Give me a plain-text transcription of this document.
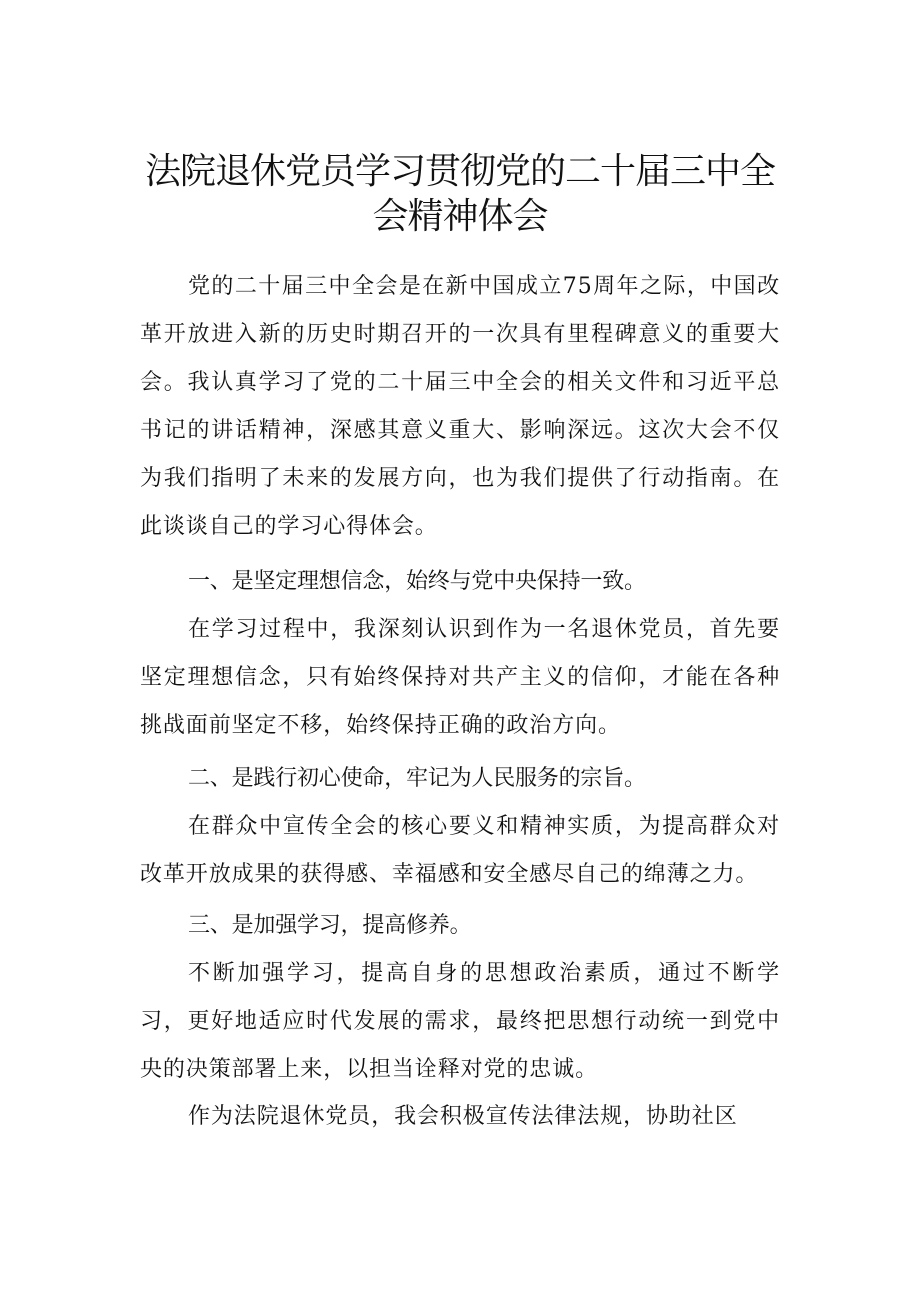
法院退休党员学习贯彻党的二十届三中全
会精神体会

党的二十届三中全会是在新中国成立75周年之际，中国改革开放进入新的历史时期召开的一次具有里程碑意义的重要大会。我认真学习了党的二十届三中全会的相关文件和习近平总书记的讲话精神，深感其意义重大、影响深远。这次大会不仅为我们指明了未来的发展方向，也为我们提供了行动指南。在此谈谈自己的学习心得体会。

一、是坚定理想信念，始终与党中央保持一致。

在学习过程中，我深刻认识到作为一名退休党员，首先要坚定理想信念，只有始终保持对共产主义的信仰，才能在各种挑战面前坚定不移，始终保持正确的政治方向。

二、是践行初心使命，牢记为人民服务的宗旨。

在群众中宣传全会的核心要义和精神实质，为提高群众对改革开放成果的获得感、幸福感和安全感尽自己的绵薄之力。

三、是加强学习，提高修养。

不断加强学习，提高自身的思想政治素质，通过不断学习，更好地适应时代发展的需求，最终把思想行动统一到党中央的决策部署上来，以担当诠释对党的忠诚。

作为法院退休党员，我会积极宣传法律法规，协助社区
